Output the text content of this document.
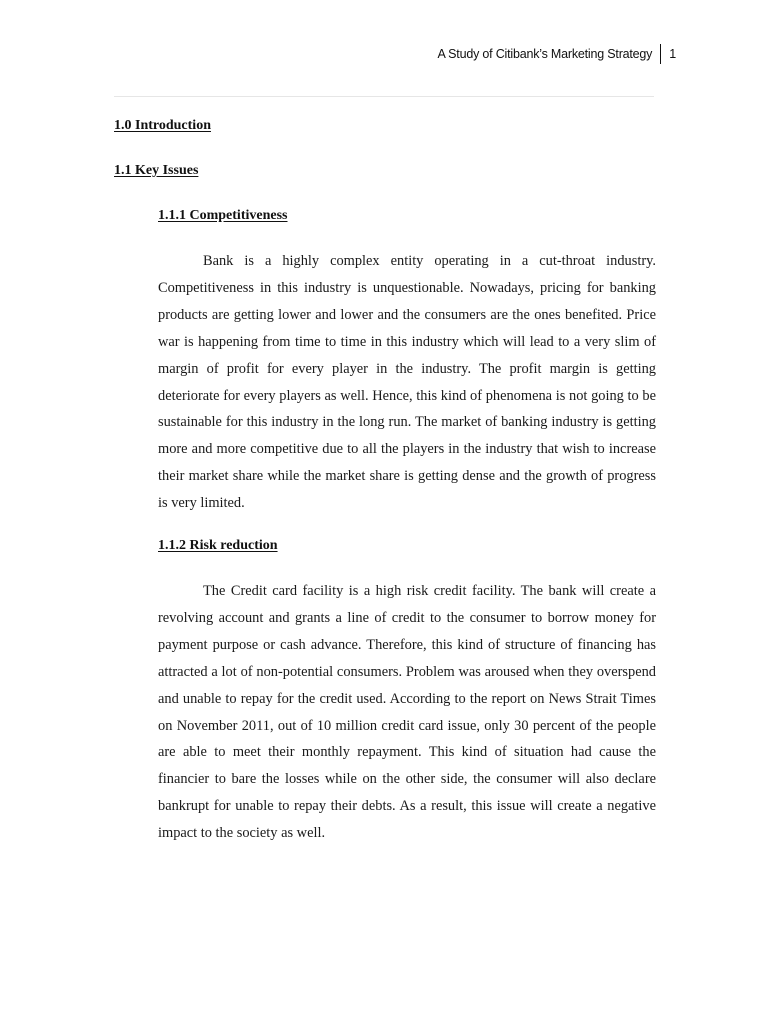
A Study of Citibank’s Marketing Strategy	1
1.0 Introduction
1.1 Key Issues
1.1.1 Competitiveness
Bank is a highly complex entity operating in a cut-throat industry. Competitiveness in this industry is unquestionable. Nowadays, pricing for banking products are getting lower and lower and the consumers are the ones benefited. Price war is happening from time to time in this industry which will lead to a very slim of margin of profit for every player in the industry. The profit margin is getting deteriorate for every players as well. Hence, this kind of phenomena is not going to be sustainable for this industry in the long run. The market of banking industry is getting more and more competitive due to all the players in the industry that wish to increase their market share while the market share is getting dense and the growth of progress is very limited.
1.1.2 Risk reduction
The Credit card facility is a high risk credit facility. The bank will create a revolving account and grants a line of credit to the consumer to borrow money for payment purpose or cash advance. Therefore, this kind of structure of financing has attracted a lot of non-potential consumers. Problem was aroused when they overspend and unable to repay for the credit used. According to the report on News Strait Times on November 2011, out of 10 million credit card issue, only 30 percent of the people are able to meet their monthly repayment. This kind of situation had cause the financier to bare the losses while on the other side, the consumer will also declare bankrupt for unable to repay their debts. As a result, this issue will create a negative impact to the society as well.
